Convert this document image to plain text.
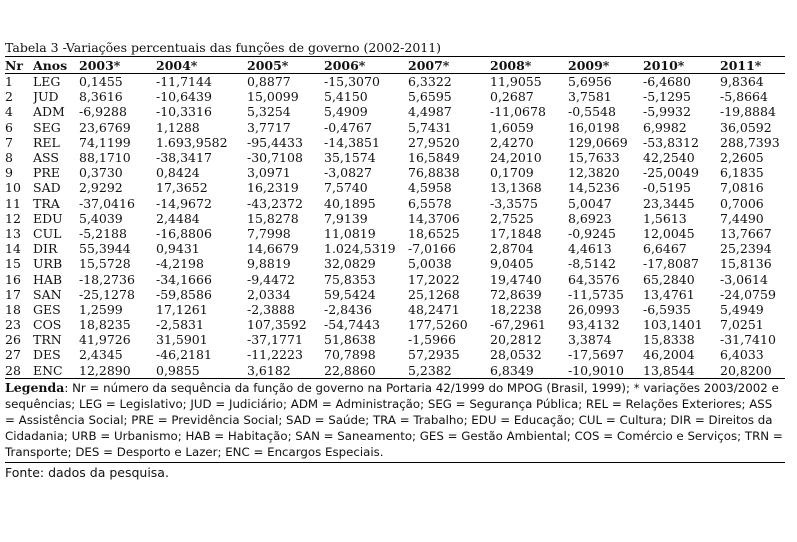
Tabela 3 -Variações percentuais das funções de governo (2002-2011)
Nr	Anos	2003*	2004*	2005*	2006*	2007*	2008*	2009*	2010*	2011*
1	LEG	0,1455	-11,7144	0,8877	-15,3070	6,3322	11,9055	5,6956	-6,4680	9,8364
2	JUD	8,3616	-10,6439	15,0099	5,4150	5,6595	0,2687	3,7581	-5,1295	-5,8664
4	ADM	-6,9288	-10,3316	5,3254	5,4909	4,4987	-11,0678	-0,5548	-5,9932	-19,8884
6	SEG	23,6769	1,1288	3,7717	-0,4767	5,7431	1,6059	16,0198	6,9982	36,0592
7	REL	74,1199	1.693,9582	-95,4433	-14,3851	27,9520	2,4270	129,0669	-53,8312	288,7393
8	ASS	88,1710	-38,3417	-30,7108	35,1574	16,5849	24,2010	15,7633	42,2540	2,2605
9	PRE	0,3730	0,8424	3,0971	-3,0827	76,8838	0,1709	12,3820	-25,0049	6,1835
10	SAD	2,9292	17,3652	16,2319	7,5740	4,5958	13,1368	14,5236	-0,5195	7,0816
11	TRA	-37,0416	-14,9672	-43,2372	40,1895	6,5578	-3,3575	5,0047	23,3445	0,7006
12	EDU	5,4039	2,4484	15,8278	7,9139	14,3706	2,7525	8,6923	1,5613	7,4490
13	CUL	-5,2188	-16,8806	7,7998	11,0819	18,6525	17,1848	-0,9245	12,0045	13,7667
14	DIR	55,3944	0,9431	14,6679	1.024,5319	-7,0166	2,8704	4,4613	6,6467	25,2394
15	URB	15,5728	-4,2198	9,8819	32,0829	5,0038	9,0405	-8,5142	-17,8087	15,8136
16	HAB	-18,2736	-34,1666	-9,4472	75,8353	17,2022	19,4740	64,3576	65,2840	-3,0614
17	SAN	-25,1278	-59,8586	2,0334	59,5424	25,1268	72,8639	-11,5735	13,4761	-24,0759
18	GES	1,2599	17,1261	-2,3888	-2,8436	48,2471	18,2238	26,0993	-6,5935	5,4949
23	COS	18,8235	-2,5831	107,3592	-54,7443	177,5260	-67,2961	93,4132	103,1401	7,0251
26	TRN	41,9726	31,5901	-37,1771	51,8638	-1,5966	20,2812	3,3874	15,8338	-31,7410
27	DES	2,4345	-46,2181	-11,2223	70,7898	57,2935	28,0532	-17,5697	46,2004	6,4033
28	ENC	12,2890	0,9855	3,6182	22,8860	5,2382	6,8349	-10,9010	13,8544	20,8200
Legenda: Nr = número da sequência da função de governo na Portaria 42/1999 do MPOG (Brasil, 1999); * variações 2003/2002 e sequências; LEG = Legislativo; JUD = Judiciário; ADM = Administração; SEG = Segurança Pública; REL = Relações Exteriores; ASS = Assistência Social; PRE = Previdência Social; SAD = Saúde; TRA = Trabalho; EDU = Educação; CUL = Cultura; DIR = Direitos da Cidadania; URB = Urbanismo; HAB = Habitação; SAN = Saneamento; GES = Gestão Ambiental; COS = Comércio e Serviços; TRN = Transporte; DES = Desporto e Lazer; ENC = Encargos Especiais.
Fonte: dados da pesquisa.
